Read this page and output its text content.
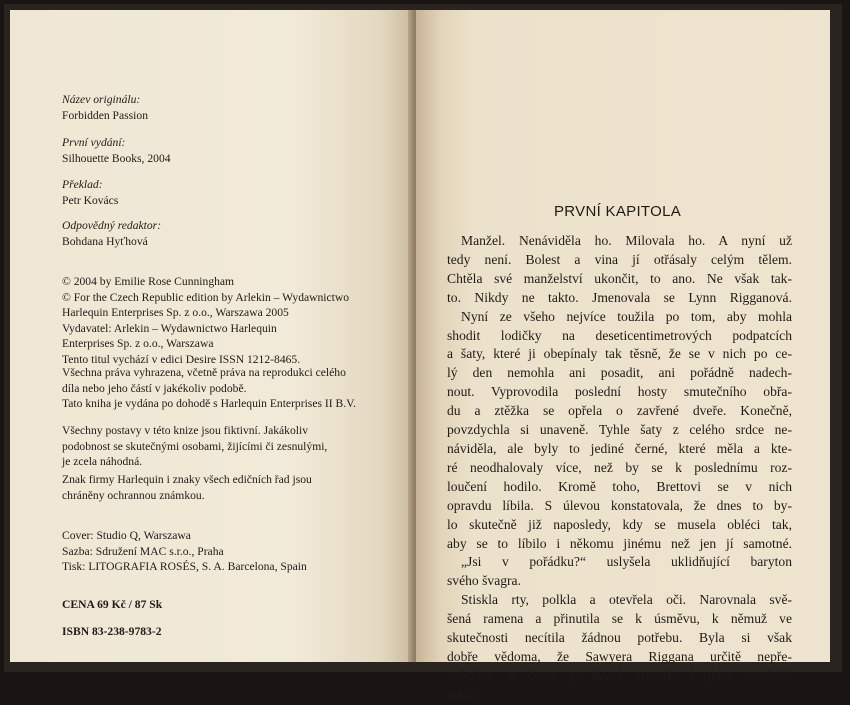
Název originálu:
Forbidden Passion
První vydání:
Silhouette Books, 2004
Překlad:
Petr Kovács
Odpovědný redaktor:
Bohdana Hyťhová
© 2004 by Emilie Rose Cunningham
© For the Czech Republic edition by Arlekin – Wydawnictwo
Harlequin Enterprises Sp. z o.o., Warszawa 2005
Vydavatel: Arlekin – Wydawnictwo Harlequin
Enterprises Sp. z o.o., Warszawa
Tento titul vychází v edici Desire ISSN 1212-8465.
Všechna práva vyhrazena, včetně práva na reprodukci celého
díla nebo jeho částí v jakékoliv podobě.
Tato kniha je vydána po dohodě s Harlequin Enterprises II B.V.
Všechny postavy v této knize jsou fiktivní. Jakákoliv
podobnost se skutečnými osobami, žijícími či zesnulými,
je zcela náhodná.
Znak firmy Harlequin i znaky všech edičních řad jsou
chráněny ochrannou známkou.
Cover: Studio Q, Warszawa
Sazba: Sdružení MAC s.r.o., Praha
Tisk: LITOGRAFIA ROSÉS, S. A. Barcelona, Spain
CENA 69 Kč / 87 Sk
ISBN 83-238-9783-2
PRVNÍ KAPITOLA
Manžel. Nenáviděla ho. Milovala ho. A nyní už
tedy není. Bolest a vina jí otřásaly celým tělem.
Chtěla své manželství ukončit, to ano. Ne však tak-
to. Nikdy ne takto. Jmenovala se Lynn Rigganová.
Nyní ze všeho nejvíce toužila po tom, aby mohla
shodit lodičky na deseticentimetrových podpatcích
a šaty, které ji obepínaly tak těsně, že se v nich po ce-
lý den nemohla ani posadit, ani pořádně nadech-
nout. Vyprovodila poslední hosty smutečního obřa-
du a ztěžka se opřela o zavřené dveře. Konečně,
povzdychla si unaveně. Tyhle šaty z celého srdce ne-
náviděla, ale byly to jediné černé, které měla a kte-
ré neodhalovaly více, než by se k poslednímu roz-
loučení hodilo. Kromě toho, Brettovi se v nich
opravdu líbila. S úlevou konstatovala, že dnes to by-
lo skutečně již naposledy, kdy se musela obléci tak,
aby se to líbilo i někomu jinému než jen jí samotné.
„Jsi v pořádku?“ uslyšela uklidňující baryton
svého švagra.
Stiskla rty, polkla a otevřela oči. Narovnala svě-
šená ramena a přinutila se k úsměvu, k němuž ve
skutečnosti necítila žádnou potřebu. Byla si však
dobře vědoma, že Sawyera Riggana určitě nepře-
svědčila, v čemž ji ihned utvrdilo i jeho svraštělé
obočí.
